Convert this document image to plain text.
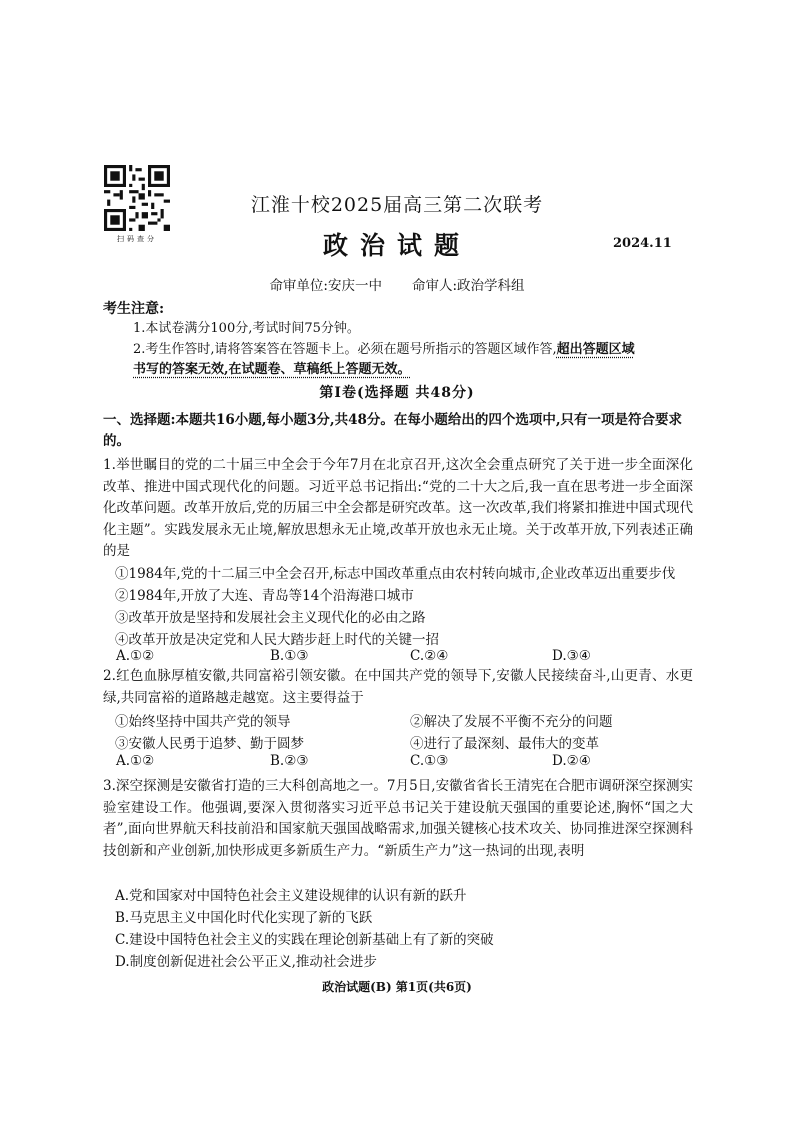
扫码查分
江淮十校2025届高三第二次联考
政治试题	2024.11
命审单位:安庆一中 命审人:政治学科组
考生注意:
1.本试卷满分100分,考试时间75分钟。
2.考生作答时,请将答案答在答题卡上。必须在题号所指示的答题区域作答,超出答题区域
书写的答案无效,在试题卷、草稿纸上答题无效。
第Ⅰ卷(选择题 共48分)
一、选择题:本题共16小题,每小题3分,共48分。在每小题给出的四个选项中,只有一项是符合要求的。
1.举世瞩目的党的二十届三中全会于今年7月在北京召开,这次全会重点研究了关于进一步全面深化改革、推进中国式现代化的问题。习近平总书记指出:“党的二十大之后,我一直在思考进一步全面深化改革问题。改革开放后,党的历届三中全会都是研究改革。这一次改革,我们将紧扣推进中国式现代化主题”。实践发展永无止境,解放思想永无止境,改革开放也永无止境。关于改革开放,下列表述正确的是
①1984年,党的十二届三中全会召开,标志中国改革重点由农村转向城市,企业改革迈出重要步伐
②1984年,开放了大连、青岛等14个沿海港口城市
③改革开放是坚持和发展社会主义现代化的必由之路
④改革开放是决定党和人民大踏步赶上时代的关键一招
A.①②	B.①③	C.②④	D.③④
2.红色血脉厚植安徽,共同富裕引领安徽。在中国共产党的领导下,安徽人民接续奋斗,山更青、水更绿,共同富裕的道路越走越宽。这主要得益于
①始终坚持中国共产党的领导	②解决了发展不平衡不充分的问题
③安徽人民勇于追梦、勤于圆梦	④进行了最深刻、最伟大的变革
A.①②	B.②③	C.①③	D.②④
3.深空探测是安徽省打造的三大科创高地之一。7月5日,安徽省省长王清宪在合肥市调研深空探测实验室建设工作。他强调,要深入贯彻落实习近平总书记关于建设航天强国的重要论述,胸怀“国之大者”,面向世界航天科技前沿和国家航天强国战略需求,加强关键核心技术攻关、协同推进深空探测科技创新和产业创新,加快形成更多新质生产力。“新质生产力”这一热词的出现,表明
A.党和国家对中国特色社会主义建设规律的认识有新的跃升
B.马克思主义中国化时代化实现了新的飞跃
C.建设中国特色社会主义的实践在理论创新基础上有了新的突破
D.制度创新促进社会公平正义,推动社会进步
政治试题(B) 第1页(共6页)
